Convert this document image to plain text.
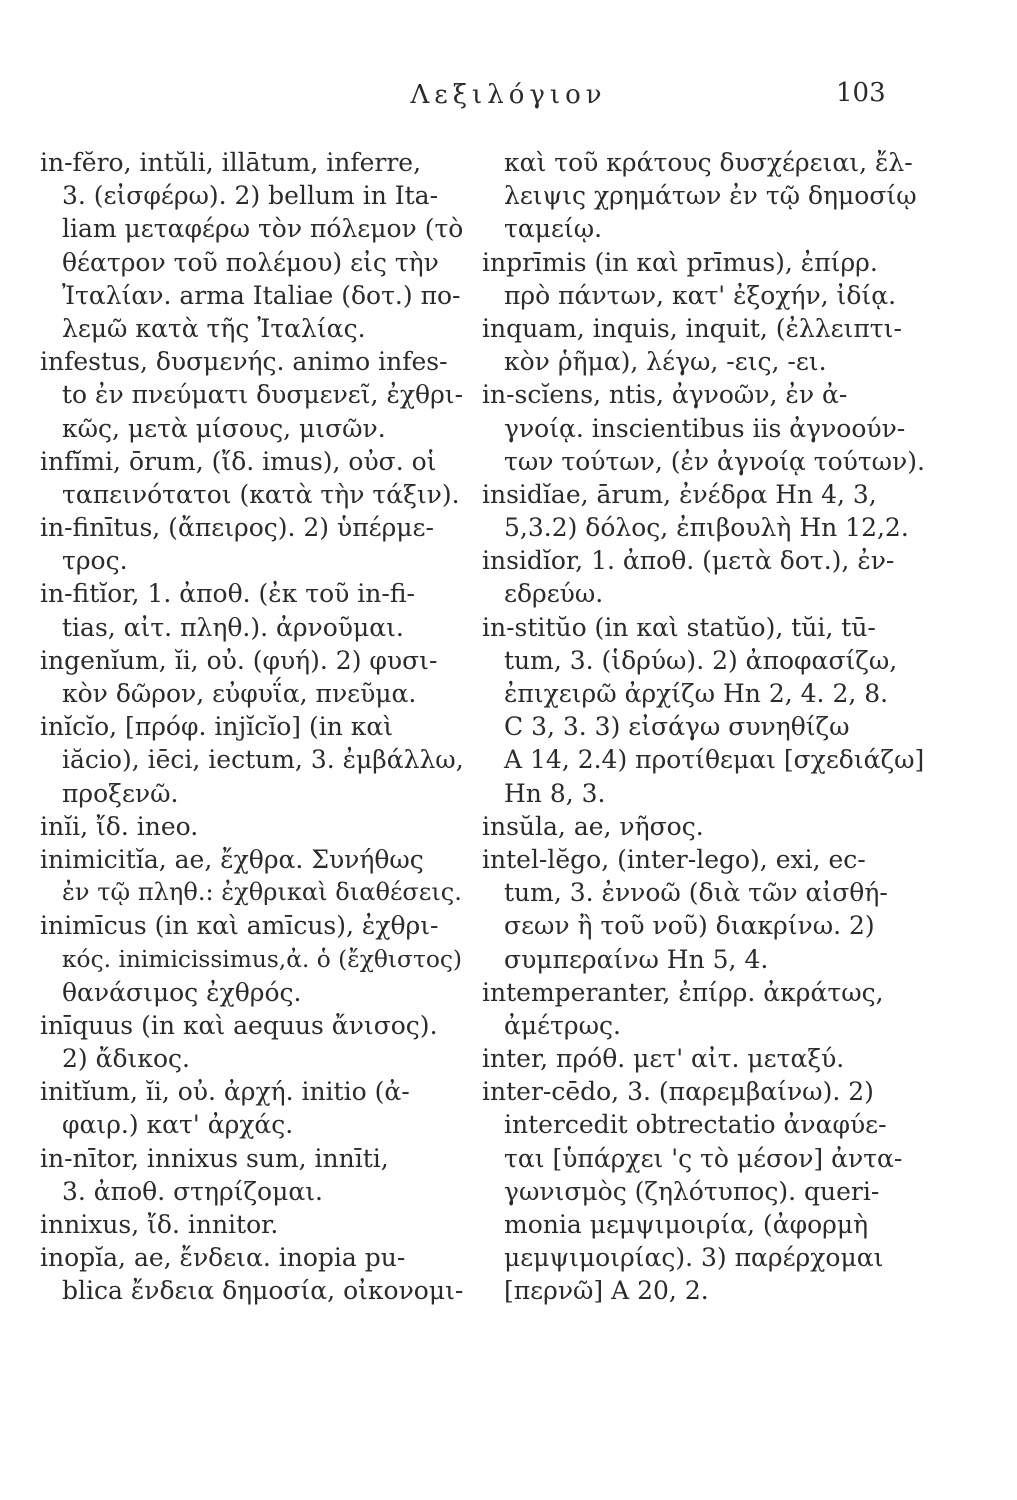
Λεξιλόγιον	103
in-fĕro, intŭli, illātum, inferre,
3. (εἰσφέρω). 2) bellum in Ita-
liam μεταφέρω τὸν πόλεμον (τὸ
θέατρον τοῦ πολέμου) εἰς τὴν
Ἰταλίαν. arma Italiae (δοτ.) πο-
λεμῶ κατὰ τῆς Ἰταλίας.
infestus, δυσμενής. animo infes-
to ἐν πνεύματι δυσμενεῖ, ἐχθρι-
κῶς, μετὰ μίσους, μισῶν.
infĭmi, ōrum, (ἴδ. imus), οὐσ. οἱ
ταπεινότατοι (κατὰ τὴν τάξιν).
in-finītus, (ἄπειρος). 2) ὑπέρμε-
τρος.
in-fitĭor, 1. ἀποθ. (ἐκ τοῦ in-fi-
tias, αἰτ. πληθ.). ἀρνοῦμαι.
ingenĭum, ĭi, οὐ. (φυή). 2) φυσι-
κὸν δῶρον, εὐφυΐα, πνεῦμα.
inĭcĭo, [πρόφ. injĭcĭo] (in καὶ
iăcio), iēci, iectum, 3. ἐμβάλλω,
προξενῶ.
inĭi, ἴδ. ineo.
inimicitĭa, ae, ἔχθρα. Συνήθως
ἐν τῷ πληθ.: ἐχθρικαὶ διαθέσεις.
inimīcus (in καὶ amīcus), ἐχθρι-
κός. inimicissimus,ἀ. ὁ (ἔχθιστος)
θανάσιμος ἐχθρός.
inīquus (in καὶ aequus ἄνισος).
2) ἄδικος.
initĭum, ĭi, οὐ. ἀρχή. initio (ἀ-
φαιρ.) κατ' ἀρχάς.
in-nītor, innixus sum, innīti,
3. ἀποθ. στηρίζομαι.
innixus, ἴδ. innitor.
inopĭa, ae, ἔνδεια. inopia pu-
blica ἔνδεια δημοσία, οἰκονομι-
καὶ τοῦ κράτους δυσχέρειαι, ἔλ-
λειψις χρημάτων ἐν τῷ δημοσίῳ
ταμείῳ.
inprīmis (in καὶ prīmus), ἐπίρρ.
πρὸ πάντων, κατ' ἐξοχήν, ἰδίᾳ.
inquam, inquis, inquit, (ἐλλειπτι-
κὸν ῥῆμα), λέγω, -εις, -ει.
in-scĭens, ntis, ἀγνοῶν, ἐν ἀ-
γνοίᾳ. inscientibus iis ἀγνοούν-
των τούτων, (ἐν ἀγνοίᾳ τούτων).
insidĭae, ārum, ἐνέδρα Hn 4, 3,
5,3.2) δόλος, ἐπιβουλὴ Hn 12,2.
insidĭor, 1. ἀποθ. (μετὰ δοτ.), ἐν-
εδρεύω.
in-stitŭo (in καὶ statŭo), tŭi, tū-
tum, 3. (ἱδρύω). 2) ἀποφασίζω,
ἐπιχειρῶ ἀρχίζω Hn 2, 4. 2, 8.
C 3, 3. 3) εἰσάγω συνηθίζω
A 14, 2.4) προτίθεμαι [σχεδιάζω]
Hn 8, 3.
insŭla, ae, νῆσος.
intel-lĕgo, (inter-lego), exi, ec-
tum, 3. ἐννοῶ (διὰ τῶν αἰσθή-
σεων ἢ τοῦ νοῦ) διακρίνω. 2)
συμπεραίνω Hn 5, 4.
intemperanter, ἐπίρρ. ἀκράτως,
ἀμέτρως.
inter, πρόθ. μετ' αἰτ. μεταξύ.
inter-cēdo, 3. (παρεμβαίνω). 2)
intercedit obtrectatio ἀναφύε-
ται [ὑπάρχει 'ς τὸ μέσον] ἀντα-
γωνισμὸς (ζηλότυπος). queri-
monia μεμψιμοιρία, (ἀφορμὴ
μεμψιμοιρίας). 3) παρέρχομαι
[περνῶ] A 20, 2.
